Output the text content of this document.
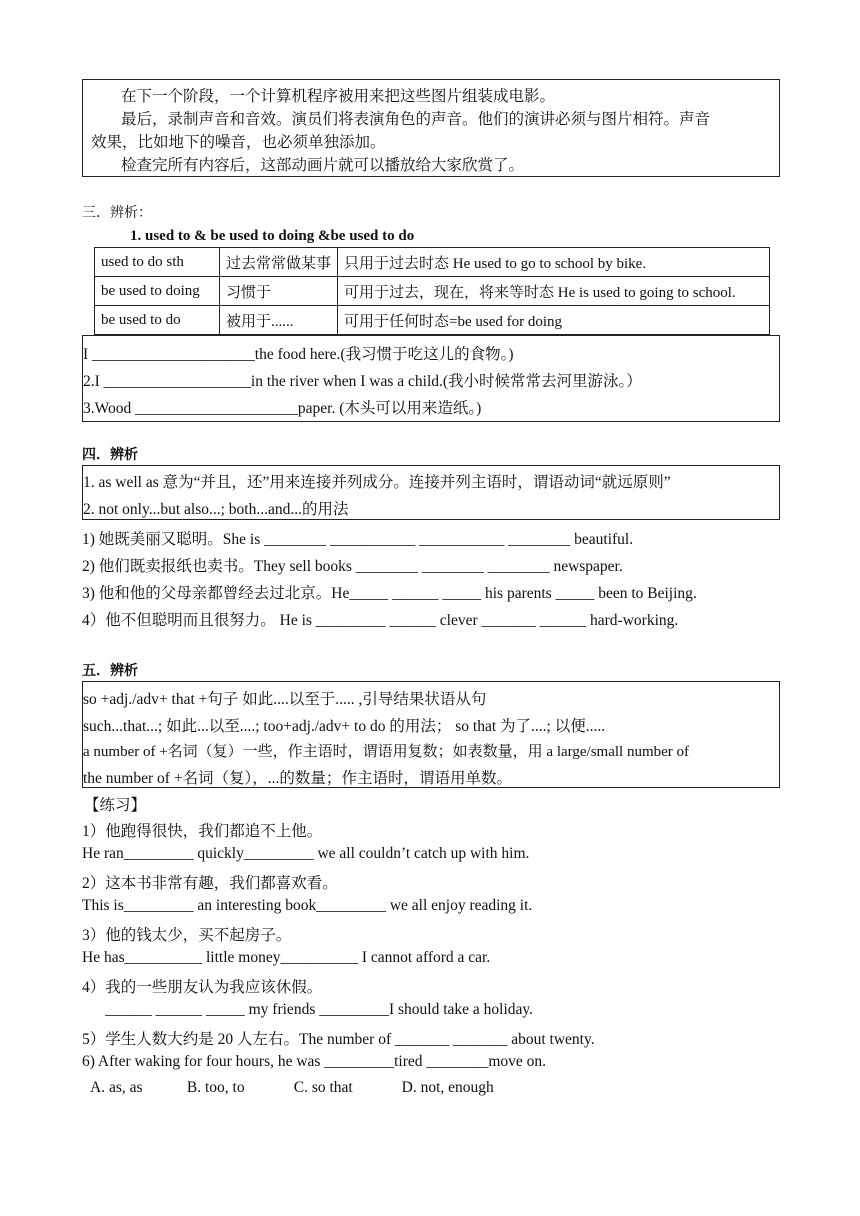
在下一个阶段，一个计算机程序被用来把这些图片组装成电影。
最后，录制声音和音效。演员们将表演角色的声音。他们的演讲必须与图片相符。声音
效果，比如地下的噪音，也必须单独添加。
检查完所有内容后，这部动画片就可以播放给大家欣赏了。
三．辨析：
1. used to & be used to doing &be used to do
used to do sth	过去常常做某事	只用于过去时态 He used to go to school by bike.
be used to doing	习惯于	可用于过去，现在，将来等时态 He is used to going to school.
be used to do	被用于......	可用于任何时态=be used for doing
I _____________________the food here.(我习惯于吃这儿的食物。)
2.I ___________________in the river when I was a child.(我小时候常常去河里游泳。）
3.Wood _____________________paper. (木头可以用来造纸。)
四．辨析
1. as well as 意为“并且，还”用来连接并列成分。连接并列主语时，谓语动词“就远原则”
2. not only...but also...; both...and...的用法
1) 她既美丽又聪明。She is ________ ___________ ___________ ________ beautiful.
2) 他们既卖报纸也卖书。They sell books ________ ________ ________ newspaper.
3) 他和他的父母亲都曾经去过北京。He_____ ______ _____ his parents _____ been to Beijing.
4）他不但聪明而且很努力。 He is _________ ______ clever _______ ______ hard-working.
五．辨析
so +adj./adv+ that +句子 如此....以至于..... ,引导结果状语从句
such...that...; 如此...以至....; too+adj./adv+ to do 的用法； so that 为了....; 以便.....
a number of +名词（复）一些，作主语时，谓语用复数；如表数量，用 a large/small number of
the number of +名词（复），...的数量；作主语时，谓语用单数。
【练习】
1）他跑得很快，我们都追不上他。
He ran_________ quickly_________ we all couldn’t catch up with him.
2）这本书非常有趣，我们都喜欢看。
This is_________ an interesting book_________ we all enjoy reading it.
3）他的钱太少，买不起房子。
He has__________ little money__________ I cannot afford a car.
4）我的一些朋友认为我应该休假。
______ ______ _____ my friends _________I should take a holiday.
5）学生人数大约是 20 人左右。The number of _______ _______ about twenty.
6) After waking for four hours, he was _________tired ________move on.
A. as, as	B. too, to	C. so that	D. not, enough
